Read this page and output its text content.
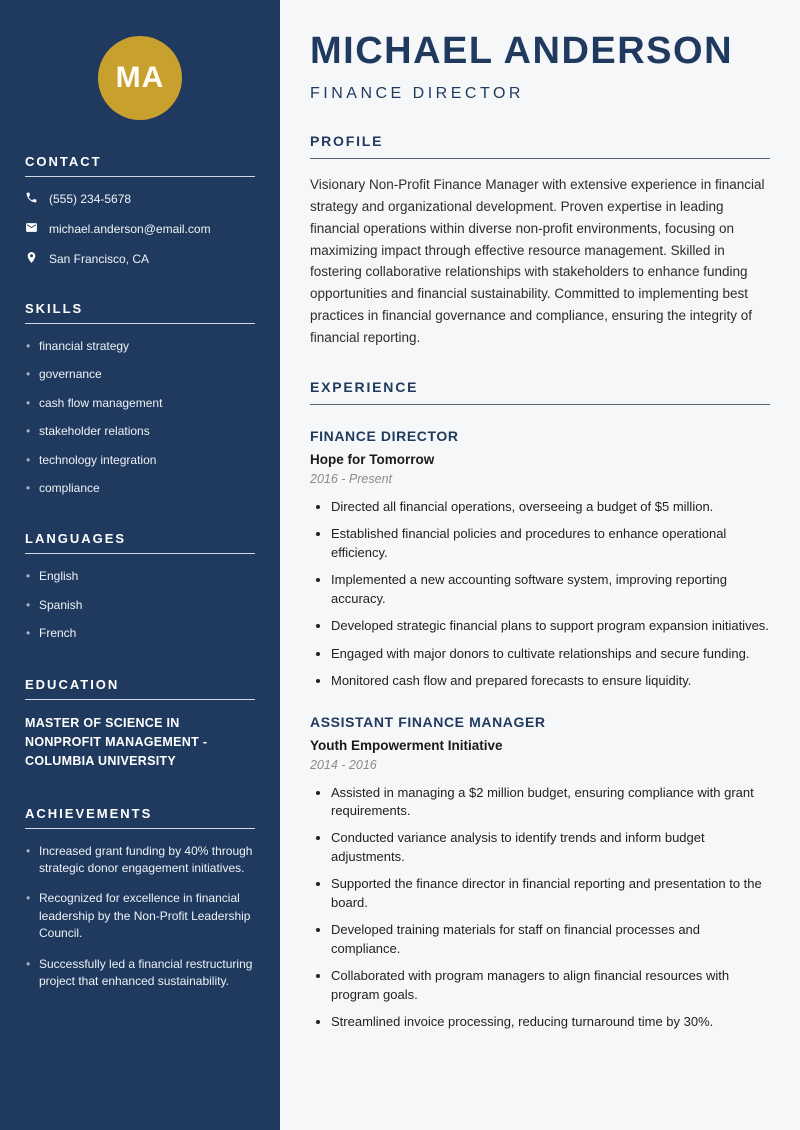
MA
CONTACT
(555) 234-5678
michael.anderson@email.com
San Francisco, CA
SKILLS
• financial strategy
• governance
• cash flow management
• stakeholder relations
• technology integration
• compliance
LANGUAGES
• English
• Spanish
• French
EDUCATION

MASTER OF SCIENCE IN NONPROFIT MANAGEMENT - COLUMBIA UNIVERSITY

ACHIEVEMENTS
• Increased grant funding by 40% through strategic donor engagement initiatives.
• Recognized for excellence in financial leadership by the Non-Profit Leadership Council.
• Successfully led a financial restructuring project that enhanced sustainability.
MICHAEL ANDERSON

FINANCE DIRECTOR

PROFILE

Visionary Non-Profit Finance Manager with extensive experience in financial strategy and organizational development. Proven expertise in leading financial operations within diverse non-profit environments, focusing on maximizing impact through effective resource management. Skilled in fostering collaborative relationships with stakeholders to enhance funding opportunities and financial sustainability. Committed to implementing best practices in financial governance and compliance, ensuring the integrity of financial reporting.

EXPERIENCE
FINANCE DIRECTOR

Hope for Tomorrow

2016 - Present

• Directed all financial operations, overseeing a budget of $5 million.
• Established financial policies and procedures to enhance operational efficiency.
• Implemented a new accounting software system, improving reporting accuracy.
• Developed strategic financial plans to support program expansion initiatives.
• Engaged with major donors to cultivate relationships and secure funding.
• Monitored cash flow and prepared forecasts to ensure liquidity.
ASSISTANT FINANCE MANAGER

Youth Empowerment Initiative

2014 - 2016

• Assisted in managing a $2 million budget, ensuring compliance with grant requirements.
• Conducted variance analysis to identify trends and inform budget adjustments.
• Supported the finance director in financial reporting and presentation to the board.
• Developed training materials for staff on financial processes and compliance.
• Collaborated with program managers to align financial resources with program goals.
• Streamlined invoice processing, reducing turnaround time by 30%.
